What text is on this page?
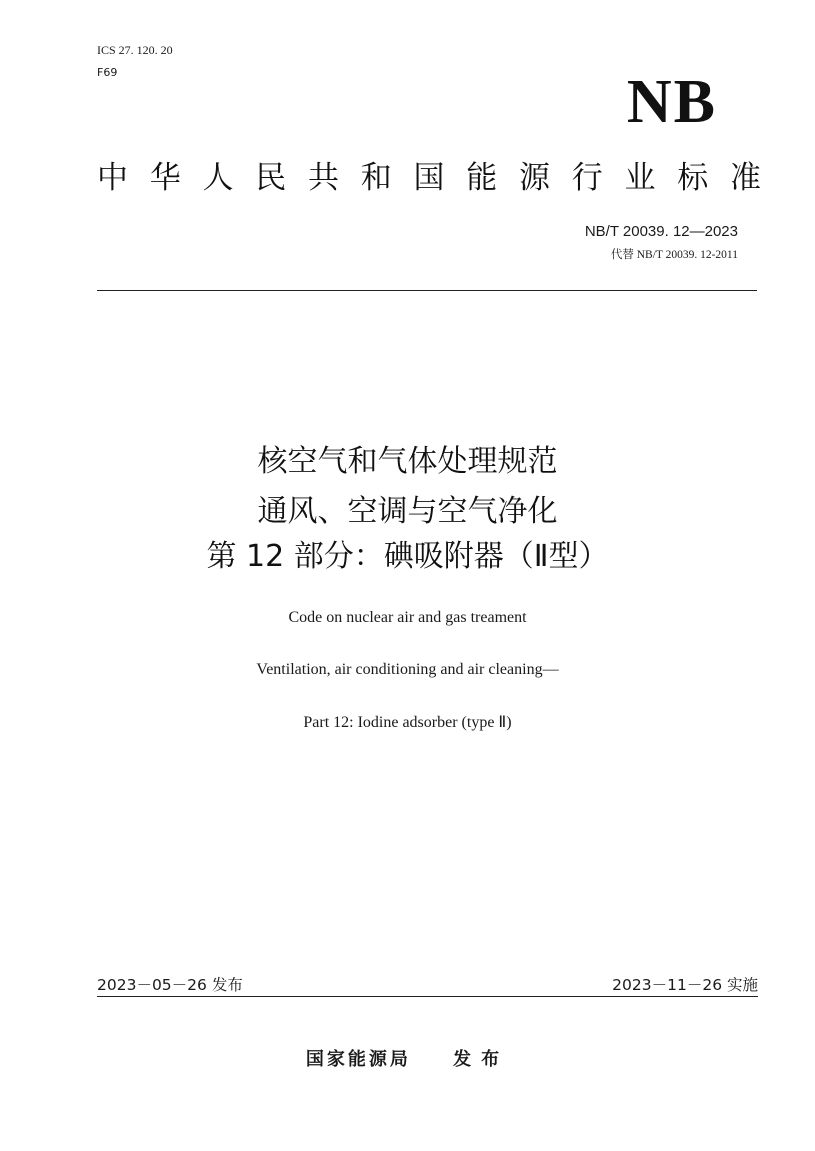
ICS 27. 120. 20
F69	NB
中 华 人 民 共 和 国 能 源 行 业 标 准
NB/T 20039. 12—2023
代替 NB/T 20039. 12-2011
核空气和气体处理规范
通风、空调与空气净化
第 12 部分：碘吸附器（Ⅱ型）
Code on nuclear air and gas treament
Ventilation, air conditioning and air cleaning—
Part 12: Iodine adsorber (type Ⅱ)
2023－05－26 发布	2023－11－26 实施
国家能源局 发布
